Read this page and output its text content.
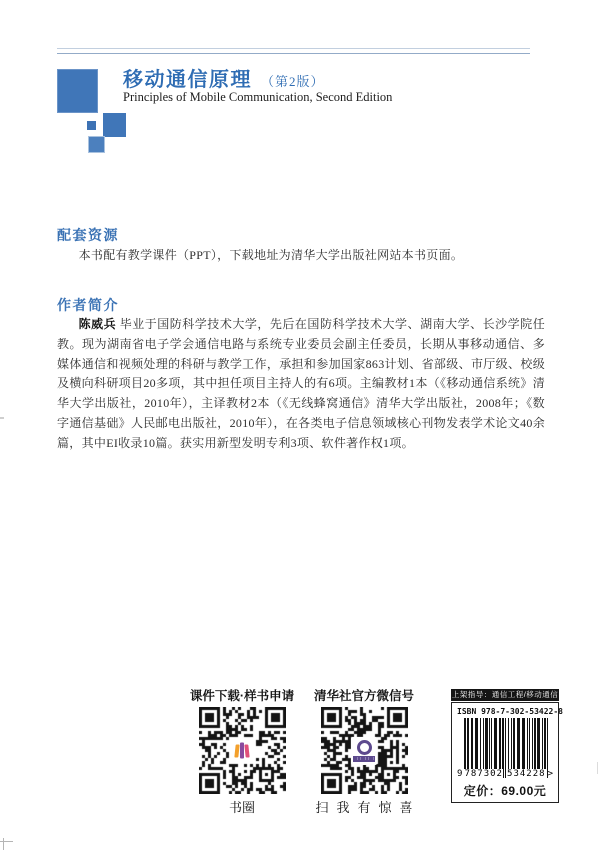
移动通信原理 （第2版）
Principles of Mobile Communication, Second Edition
配套资源
本书配有教学课件（PPT），下载地址为清华大学出版社网站本书页面。
作者简介

陈威兵 毕业于国防科学技术大学，先后在国防科学技术大学、湖南大学、长沙学院任教。现为湖南省电子学会通信电路与系统专业委员会副主任委员，长期从事移动通信、多媒体通信和视频处理的科研与教学工作，承担和参加国家863计划、省部级、市厅级、校级及横向科研项目20多项，其中担任项目主持人的有6项。主编教材1本（《移动通信系统》清华大学出版社，2010年），主译教材2本（《无线蜂窝通信》清华大学出版社，2008年；《数字通信基础》人民邮电出版社，2010年），在各类电子信息领域核心刊物发表学术论文40余篇，其中EI收录10篇。获实用新型发明专利3项、软件著作权1项。

课件下载·样书申请
书圈
清华社官方微信号
扫我有惊喜
上架指导：通信工程/移动通信
ISBN 978-7-302-53422-8
9 787302 534228 >
定价：69.00元
